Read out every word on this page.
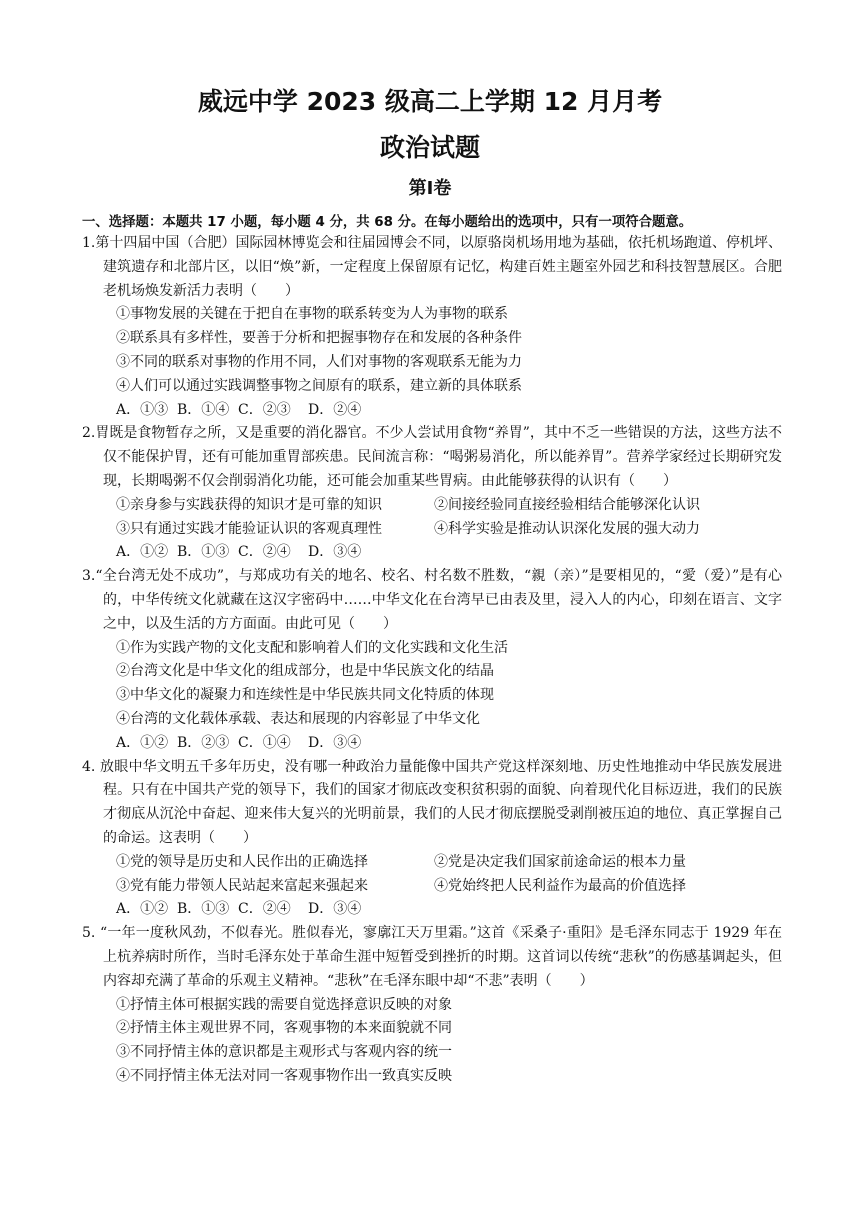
威远中学 2023 级高二上学期 12 月月考
政治试题
第Ⅰ卷
一、选择题：本题共 17 小题，每小题 4 分，共 68 分。在每小题给出的选项中，只有一项符合题意。
1.第十四届中国（合肥）国际园林博览会和往届园博会不同，以原骆岗机场用地为基础，依托机场跑道、停机坪、建筑遗存和北部片区，以旧“焕”新，一定程度上保留原有记忆，构建百姓主题室外园艺和科技智慧展区。合肥老机场焕发新活力表明（　　）
①事物发展的关键在于把自在事物的联系转变为人为事物的联系
②联系具有多样性，要善于分析和把握事物存在和发展的各种条件
③不同的联系对事物的作用不同，人们对事物的客观联系无能为力
④人们可以通过实践调整事物之间原有的联系，建立新的具体联系
A．①③ B．①④ C．②③ D．②④
2.胃既是食物暂存之所，又是重要的消化器官。不少人尝试用食物“养胃”，其中不乏一些错误的方法，这些方法不仅不能保护胃，还有可能加重胃部疾患。民间流言称：“喝粥易消化，所以能养胃”。营养学家经过长期研究发现，长期喝粥不仅会削弱消化功能，还可能会加重某些胃病。由此能够获得的认识有（　　）
①亲身参与实践获得的知识才是可靠的知识	②间接经验同直接经验相结合能够深化认识
③只有通过实践才能验证认识的客观真理性	④科学实验是推动认识深化发展的强大动力
A．①② B．①③ C．②④ D．③④
3.“全台湾无处不成功”，与郑成功有关的地名、校名、村名数不胜数，“親（亲）”是要相见的，“愛（爱）”是有心的，中华传统文化就藏在这汉字密码中……中华文化在台湾早已由表及里，浸入人的内心，印刻在语言、文字之中，以及生活的方方面面。由此可见（　　）
①作为实践产物的文化支配和影响着人们的文化实践和文化生活
②台湾文化是中华文化的组成部分，也是中华民族文化的结晶
③中华文化的凝聚力和连续性是中华民族共同文化特质的体现
④台湾的文化载体承载、表达和展现的内容彰显了中华文化
A．①② B．②③ C．①④ D．③④
4. 放眼中华文明五千多年历史，没有哪一种政治力量能像中国共产党这样深刻地、历史性地推动中华民族发展进程。只有在中国共产党的领导下，我们的国家才彻底改变积贫积弱的面貌、向着现代化目标迈进，我们的民族才彻底从沉沦中奋起、迎来伟大复兴的光明前景，我们的人民才彻底摆脱受剥削被压迫的地位、真正掌握自己的命运。这表明（　　）
①党的领导是历史和人民作出的正确选择	②党是决定我们国家前途命运的根本力量
③党有能力带领人民站起来富起来强起来	④党始终把人民利益作为最高的价值选择
A．①② B．①③ C．②④ D．③④
5. “一年一度秋风劲，不似春光。胜似春光，寥廓江天万里霜。”这首《采桑子·重阳》是毛泽东同志于 1929 年在上杭养病时所作，当时毛泽东处于革命生涯中短暂受到挫折的时期。这首词以传统“悲秋”的伤感基调起头，但内容却充满了革命的乐观主义精神。“悲秋”在毛泽东眼中却“不悲”表明（　　）
①抒情主体可根据实践的需要自觉选择意识反映的对象
②抒情主体主观世界不同，客观事物的本来面貌就不同
③不同抒情主体的意识都是主观形式与客观内容的统一
④不同抒情主体无法对同一客观事物作出一致真实反映
